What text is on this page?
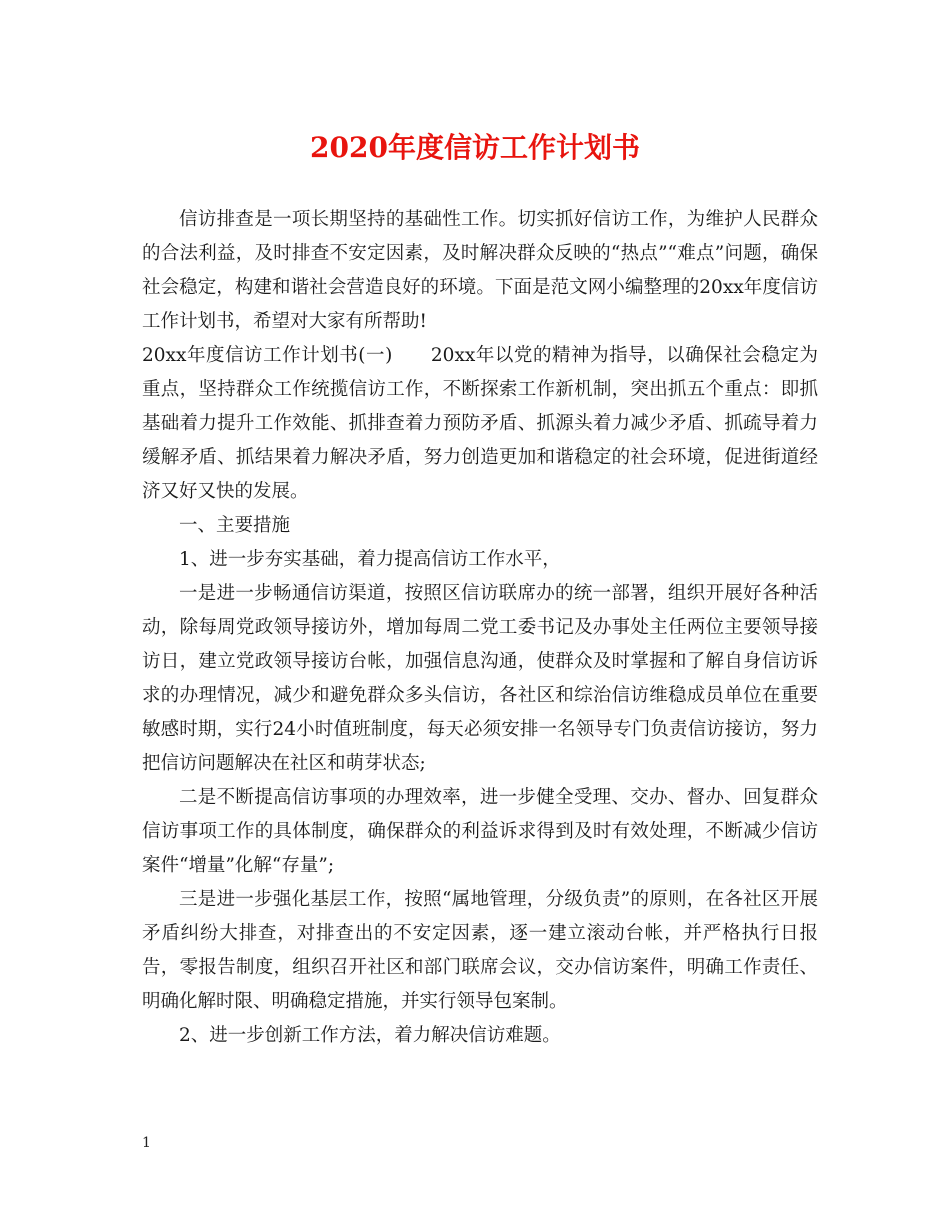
2020年度信访工作计划书

信访排查是一项长期坚持的基础性工作。切实抓好信访工作，为维护人民群众的合法利益，及时排查不安定因素，及时解决群众反映的“热点”“难点”问题，确保社会稳定，构建和谐社会营造良好的环境。下面是范文网小编整理的20xx年度信访工作计划书，希望对大家有所帮助!

20xx年度信访工作计划书(一)　　20xx年以党的精神为指导，以确保社会稳定为重点，坚持群众工作统揽信访工作，不断探索工作新机制，突出抓五个重点：即抓基础着力提升工作效能、抓排查着力预防矛盾、抓源头着力减少矛盾、抓疏导着力缓解矛盾、抓结果着力解决矛盾，努力创造更加和谐稳定的社会环境，促进街道经济又好又快的发展。

一、主要措施

1、进一步夯实基础，着力提高信访工作水平，

一是进一步畅通信访渠道，按照区信访联席办的统一部署，组织开展好各种活动，除每周党政领导接访外，增加每周二党工委书记及办事处主任两位主要领导接访日，建立党政领导接访台帐，加强信息沟通，使群众及时掌握和了解自身信访诉求的办理情况，减少和避免群众多头信访，各社区和综治信访维稳成员单位在重要敏感时期，实行24小时值班制度，每天必须安排一名领导专门负责信访接访，努力把信访问题解决在社区和萌芽状态;

二是不断提高信访事项的办理效率，进一步健全受理、交办、督办、回复群众信访事项工作的具体制度，确保群众的利益诉求得到及时有效处理，不断减少信访案件“增量”化解“存量”;

三是进一步强化基层工作，按照“属地管理，分级负责”的原则，在各社区开展矛盾纠纷大排查，对排查出的不安定因素，逐一建立滚动台帐，并严格执行日报告，零报告制度，组织召开社区和部门联席会议，交办信访案件，明确工作责任、明确化解时限、明确稳定措施，并实行领导包案制。

2、进一步创新工作方法，着力解决信访难题。

1
